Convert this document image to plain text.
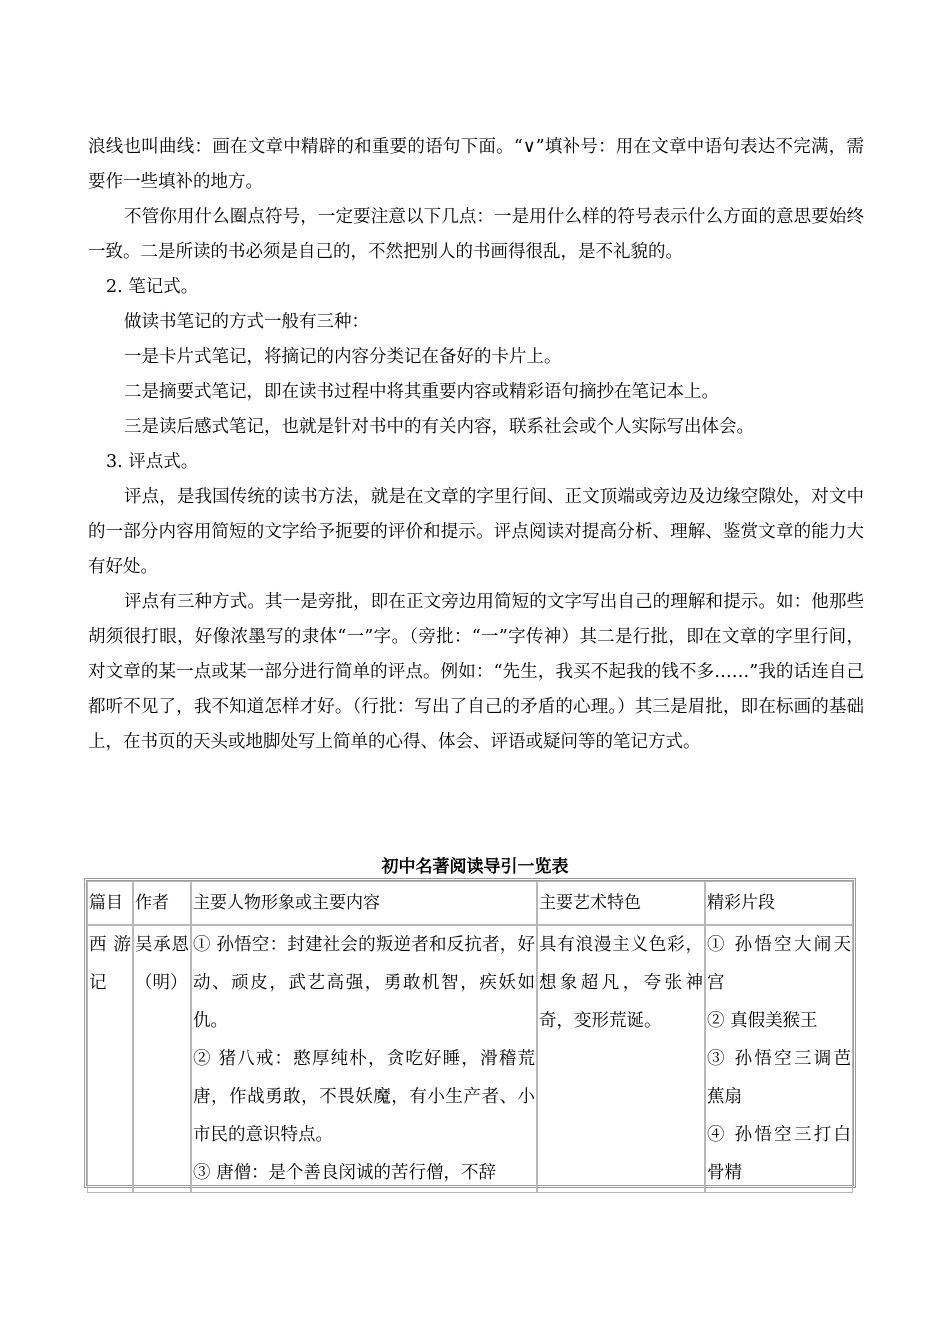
浪线也叫曲线：画在文章中精辟的和重要的语句下面。“∨”填补号：用在文章中语句表达不完满，需要作一些填补的地方。

不管你用什么圈点符号，一定要注意以下几点：一是用什么样的符号表示什么方面的意思要始终一致。二是所读的书必须是自己的，不然把别人的书画得很乱，是不礼貌的。

2. 笔记式。

做读书笔记的方式一般有三种：

一是卡片式笔记，将摘记的内容分类记在备好的卡片上。

二是摘要式笔记，即在读书过程中将其重要内容或精彩语句摘抄在笔记本上。

三是读后感式笔记，也就是针对书中的有关内容，联系社会或个人实际写出体会。

3. 评点式。

评点，是我国传统的读书方法，就是在文章的字里行间、正文顶端或旁边及边缘空隙处，对文中的一部分内容用简短的文字给予扼要的评价和提示。评点阅读对提高分析、理解、鉴赏文章的能力大有好处。

评点有三种方式。其一是旁批，即在正文旁边用简短的文字写出自己的理解和提示。如：他那些胡须很打眼，好像浓墨写的隶体“一”字。（旁批：“一”字传神）其二是行批，即在文章的字里行间，对文章的某一点或某一部分进行简单的评点。例如：“先生，我买不起我的钱不多……”我的话连自己都听不见了，我不知道怎样才好。（行批：写出了自己的矛盾的心理。）其三是眉批，即在标画的基础上，在书页的天头或地脚处写上简单的心得、体会、评语或疑问等的笔记方式。

初中名著阅读导引一览表
篇目	作者	主要人物形象或主要内容	主要艺术特色	精彩片段
西 游记	吴承恩（明）	① 孙悟空：封建社会的叛逆者和反抗者，好动、顽皮，武艺高强，勇敢机智，疾妖如仇。
② 猪八戒：憨厚纯朴，贪吃好睡，滑稽荒唐，作战勇敢，不畏妖魔，有小生产者、小市民的意识特点。
③ 唐僧：是个善良闵诚的苦行僧，不辞	具有浪漫主义色彩，想象超凡，夸张神奇，变形荒诞。	① 孙悟空大闹天宫
② 真假美猴王
③ 孙悟空三调芭蕉扇
④ 孙悟空三打白骨精
